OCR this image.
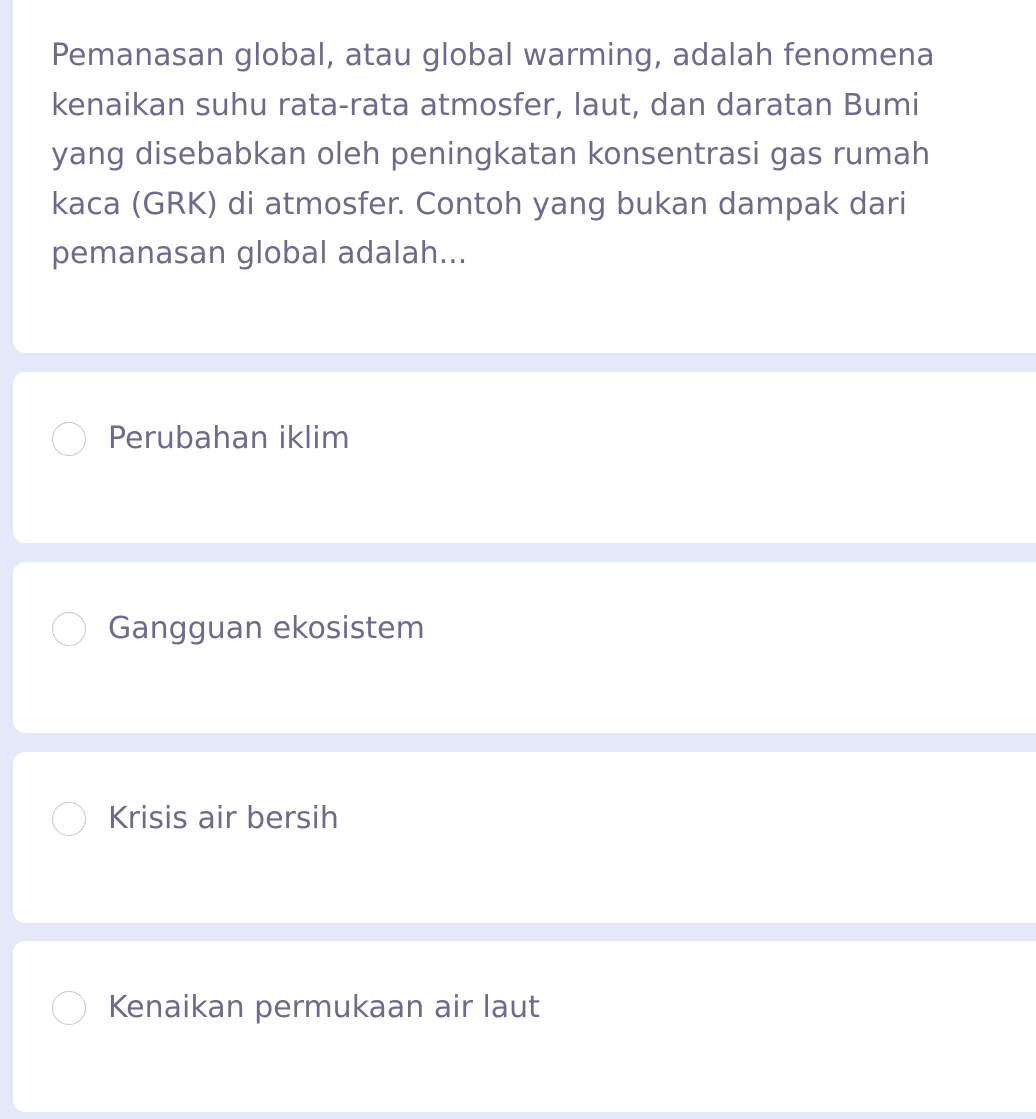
Pemanasan global, atau global warming, adalah fenomena kenaikan suhu rata-rata atmosfer, laut, dan daratan Bumi yang disebabkan oleh peningkatan konsentrasi gas rumah kaca (GRK) di atmosfer. Contoh yang bukan dampak dari pemanasan global adalah...

Perubahan iklim
Gangguan ekosistem
Krisis air bersih
Kenaikan permukaan air laut
